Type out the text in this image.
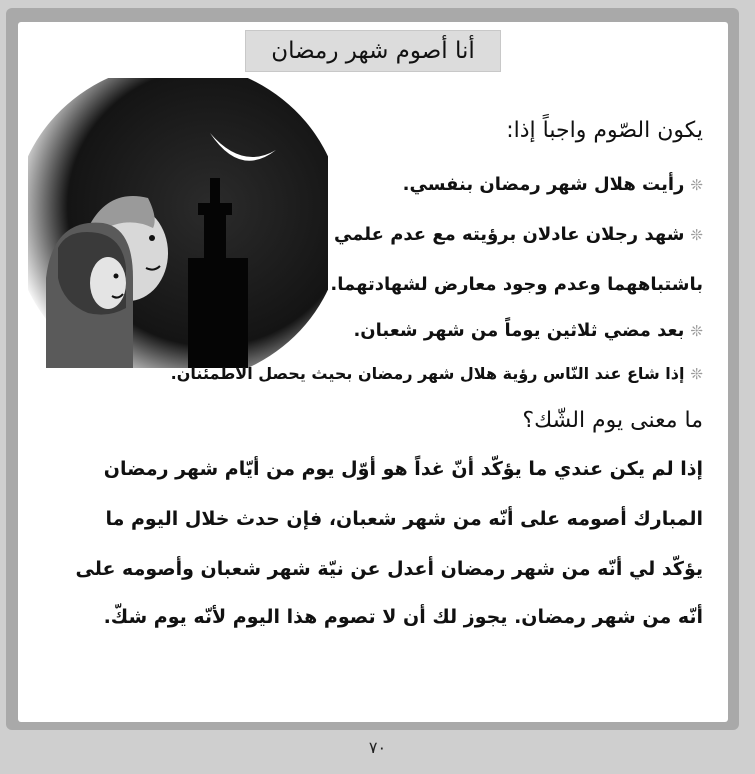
أنا أصوم شهر رمضان
يكون الصّوم واجباً إذا:
❊
رأيت هلال شهر رمضان بنفسي.
❊
شهد رجلان عادلان برؤيته مع عدم علمي
باشتباههما وعدم وجود معارض لشهادتهما.
❊
بعد مضي ثلاثين يوماً من شهر شعبان.
❊
إذا شاع عند النّاس رؤية هلال شهر رمضان بحيث يحصل الاطمئنان.
ما معنى يوم الشّك؟
إذا لم يكن عندي ما يؤكّد أنّ غداً هو أوّل يوم من أيّام شهر رمضان
المبارك أصومه على أنّه من شهر شعبان، فإن حدث خلال اليوم ما
يؤكّد لي أنّه من شهر رمضان أعدل عن نيّة شهر شعبان وأصومه على
أنّه من شهر رمضان. يجوز لك أن لا تصوم هذا اليوم لأنّه يوم شكّ.
٧٠
